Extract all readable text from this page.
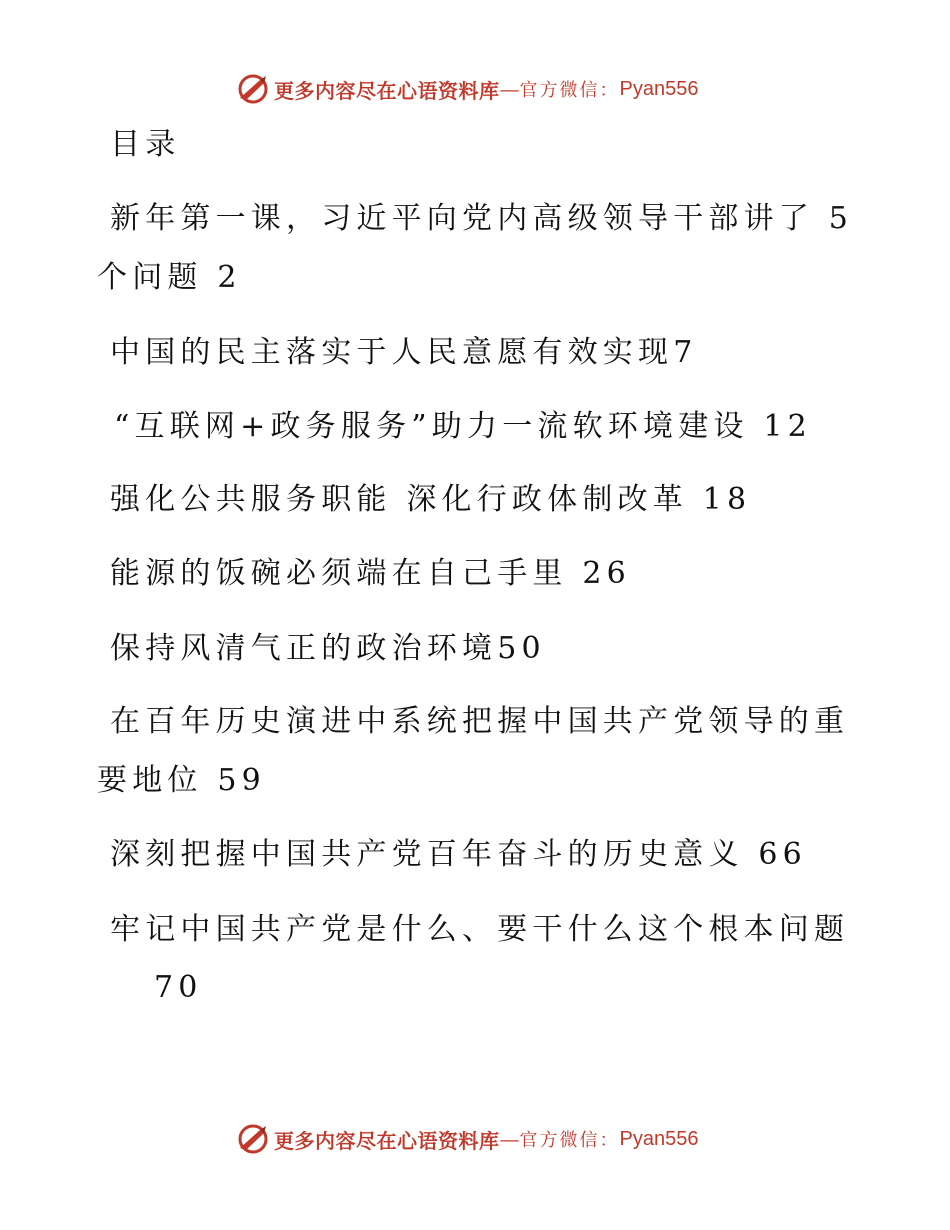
更多内容尽在心语资料库 — 官方微信： Pyan556

目录

新年第一课，习近平向党内高级领导干部讲了 5

个问题 2

中国的民主落实于人民意愿有效实现7

“互联网+政务服务”助力一流软环境建设 12

强化公共服务职能 深化行政体制改革 18

能源的饭碗必须端在自己手里 26

保持风清气正的政治环境50

在百年历史演进中系统把握中国共产党领导的重

要地位 59

深刻把握中国共产党百年奋斗的历史意义 66

牢记中国共产党是什么、要干什么这个根本问题

70

更多内容尽在心语资料库 — 官方微信： Pyan556
